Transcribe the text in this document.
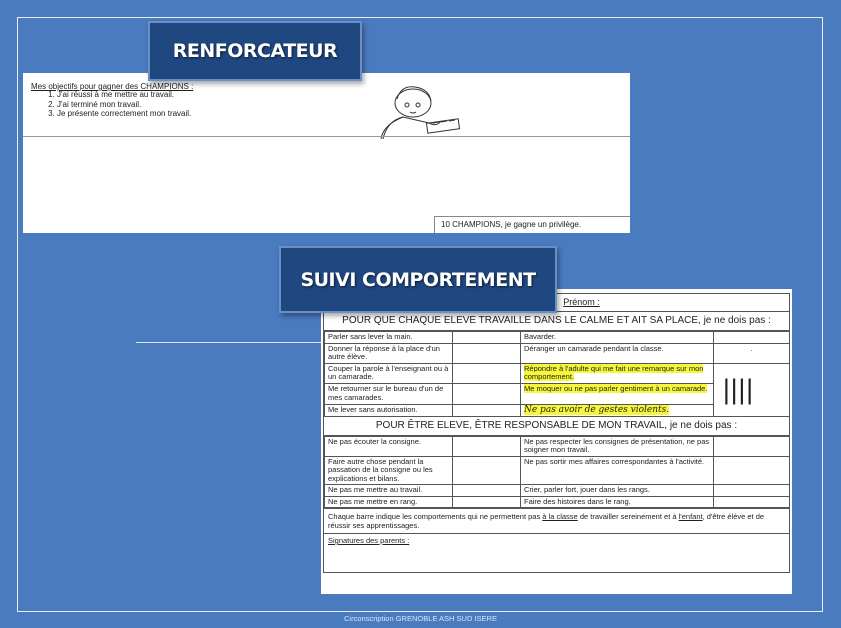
RENFORCATEUR
Mes objectifs pour gagner des CHAMPIONS :
1. J'ai réussi à me mettre au travail.
2. J'ai terminé mon travail.
3. Je présente correctement mon travail.
10 CHAMPIONS, je gagne un privilège.
SUIVI COMPORTEMENT
Prénom :
POUR QUE CHAQUE ELEVE TRAVAILLE DANS LE CALME ET AIT SA PLACE, je ne dois pas :
Parler sans lever la main.		Bavarder.	
Donner la réponse à la place d'un autre élève.		Déranger un camarade pendant la classe.	.
Couper la parole à l'enseignant ou à un camarade.		Répondre à l'adulte qui me fait une remarque sur mon comportement.	||||
Me retourner sur le bureau d'un de mes camarades.		Me moquer ou ne pas parler gentiment à un camarade.	
Me lever sans autorisation.		Ne pas avoir de gestes violents.	
POUR ÊTRE ELEVE, ÊTRE RESPONSABLE DE MON TRAVAIL, je ne dois pas :
Ne pas écouter la consigne.		Ne pas respecter les consignes de présentation, ne pas soigner mon travail.	
Faire autre chose pendant la passation de la consigne ou les explications et bilans.		Ne pas sortir mes affaires correspondantes à l'activité.	
Ne pas me mettre au travail.		Crier, parler fort, jouer dans les rangs.	
Ne pas me mettre en rang.		Faire des histoires dans le rang.	
Chaque barre indique les comportements qui ne permettent pas à la classe de travailler sereinement et à l'enfant, d'être élève et de réussir ses apprentissages.
Signatures des parents :
Circonscription GRENOBLE ASH SUD ISERE
